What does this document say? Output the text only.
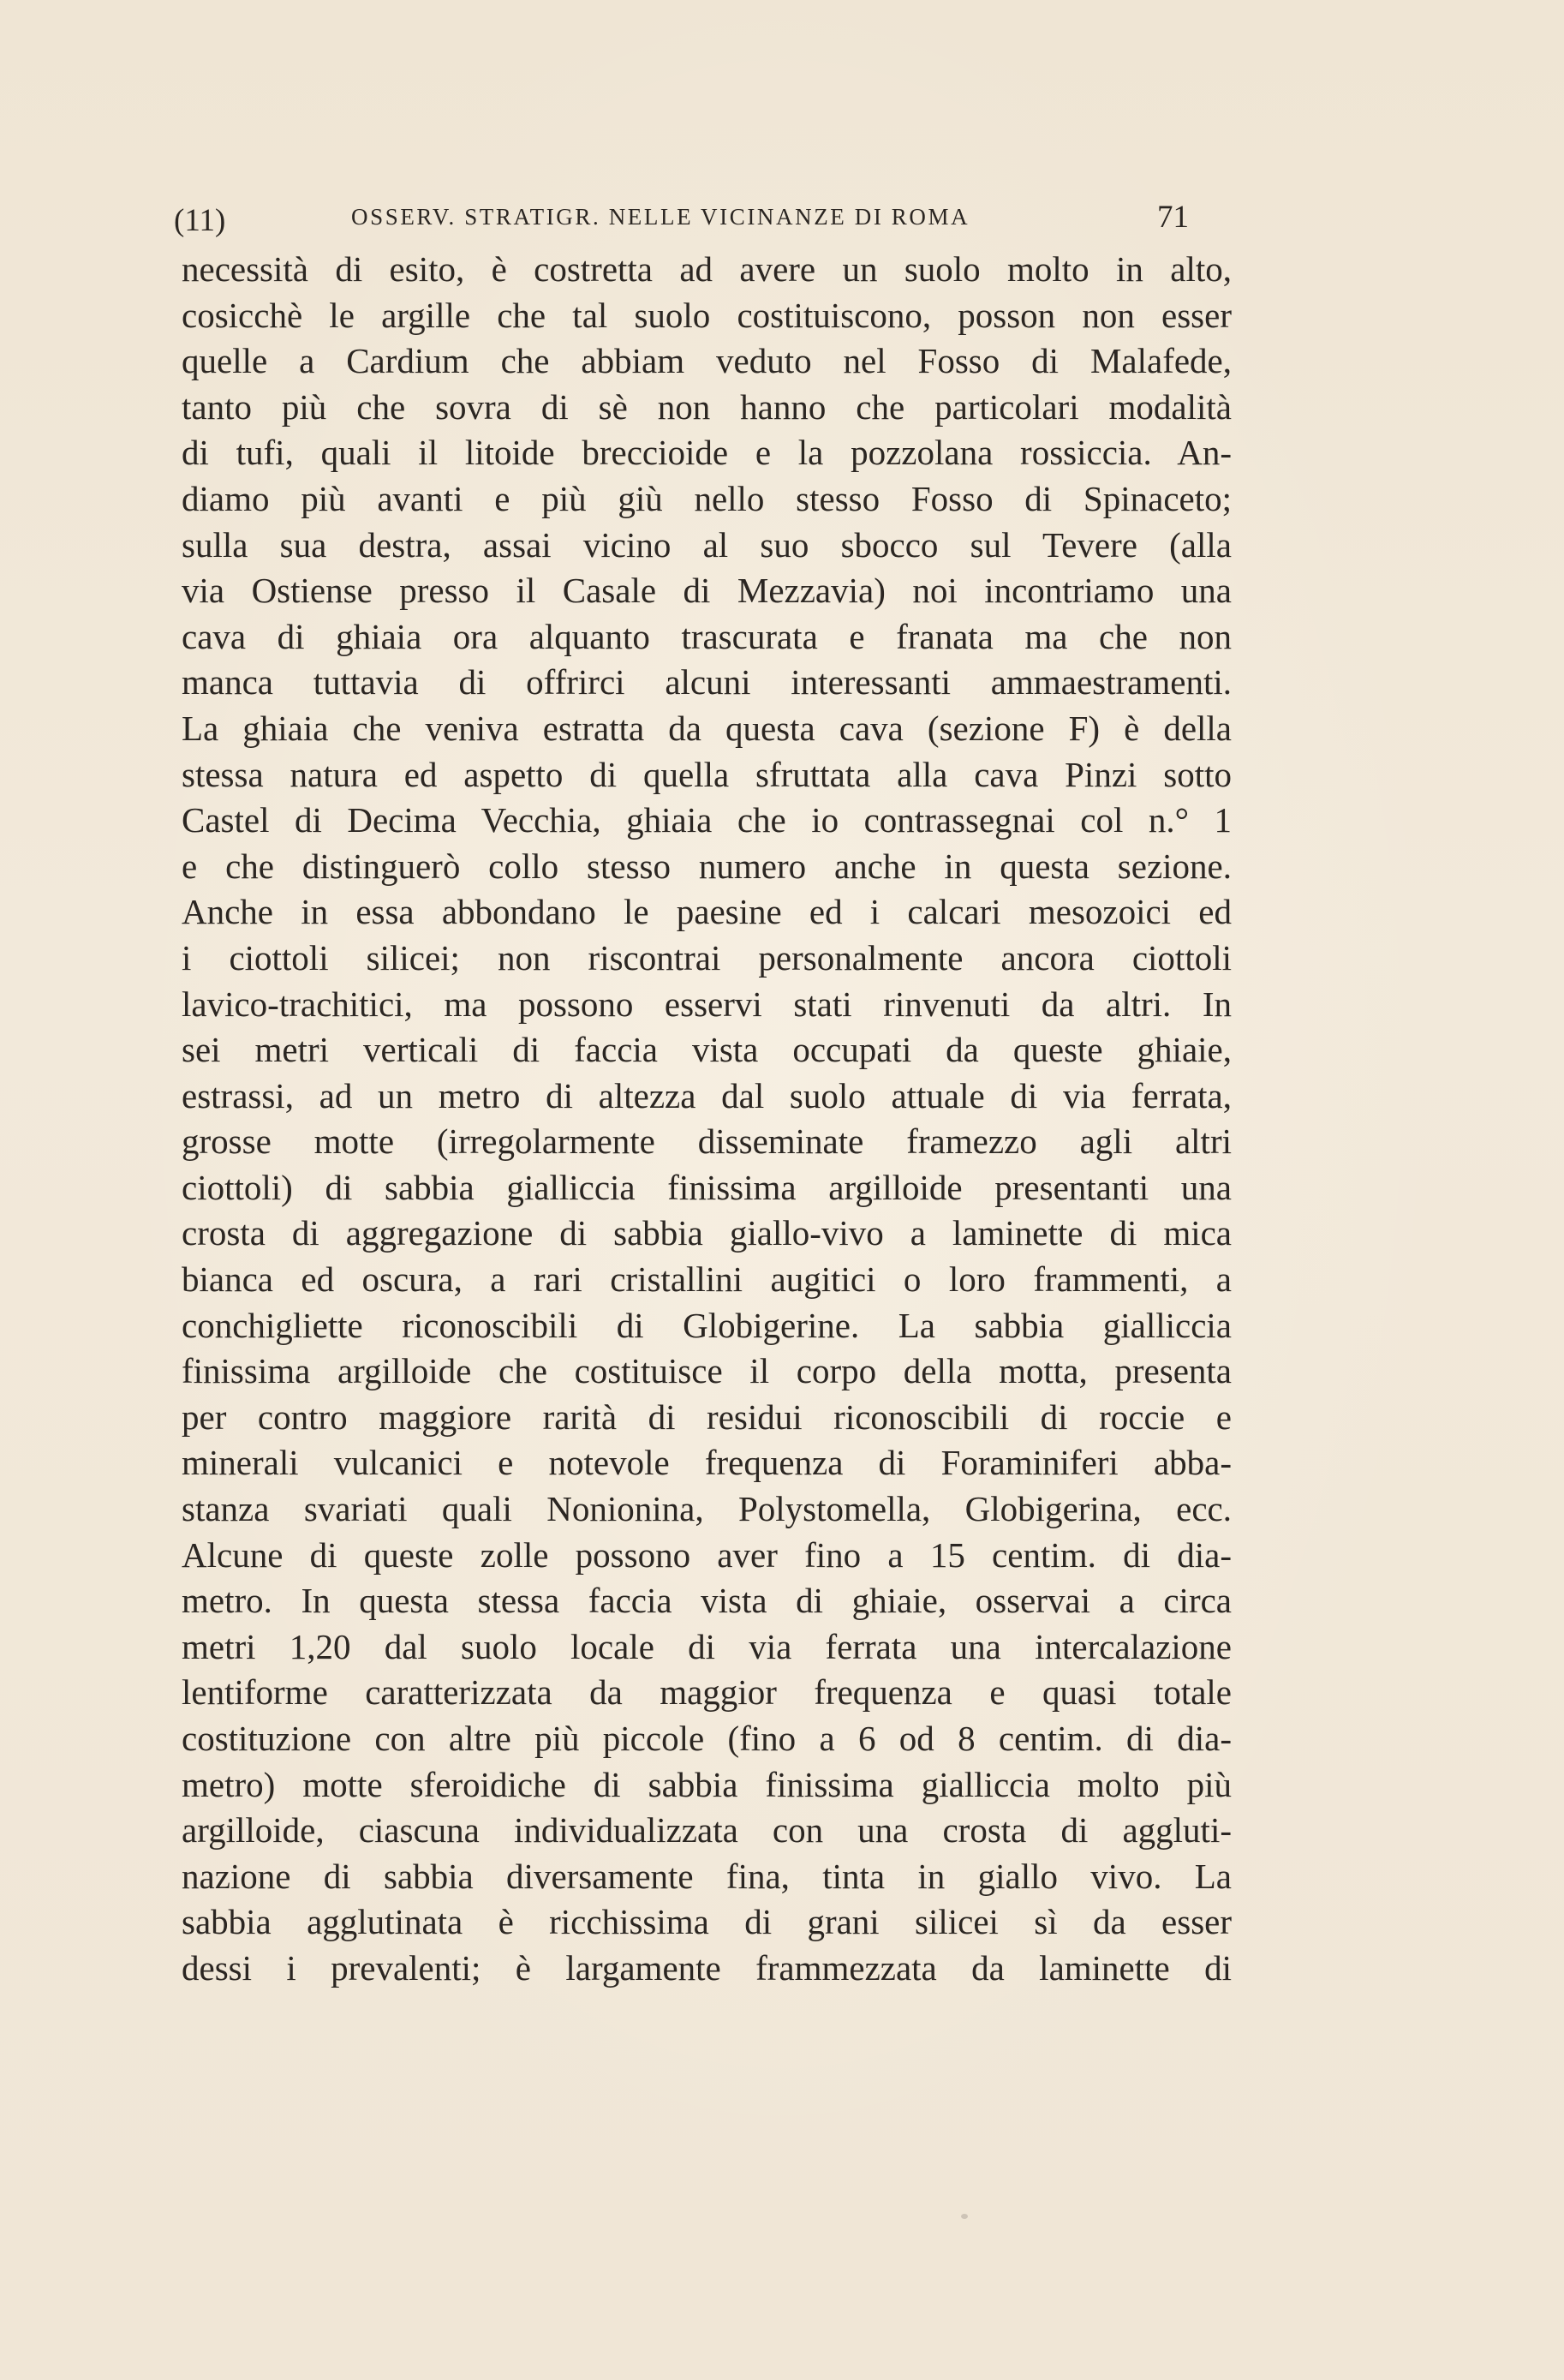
(11)	OSSERV. STRATIGR. NELLE VICINANZE DI ROMA	71
necessità di esito, è costretta ad avere un suolo molto in alto,
cosicchè le argille che tal suolo costituiscono, posson non esser
quelle a Cardium che abbiam veduto nel Fosso di Malafede,
tanto più che sovra di sè non hanno che particolari modalità
di tufi, quali il litoide breccioide e la pozzolana rossiccia. An-
diamo più avanti e più giù nello stesso Fosso di Spinaceto;
sulla sua destra, assai vicino al suo sbocco sul Tevere (alla
via Ostiense presso il Casale di Mezzavia) noi incontriamo una
cava di ghiaia ora alquanto trascurata e franata ma che non
manca tuttavia di offrirci alcuni interessanti ammaestramenti.
La ghiaia che veniva estratta da questa cava (sezione F) è della
stessa natura ed aspetto di quella sfruttata alla cava Pinzi sotto
Castel di Decima Vecchia, ghiaia che io contrassegnai col n.° 1
e che distinguerò collo stesso numero anche in questa sezione.
Anche in essa abbondano le paesine ed i calcari mesozoici ed
i ciottoli silicei; non riscontrai personalmente ancora ciottoli
lavico-trachitici, ma possono esservi stati rinvenuti da altri. In
sei metri verticali di faccia vista occupati da queste ghiaie,
estrassi, ad un metro di altezza dal suolo attuale di via ferrata,
grosse motte (irregolarmente disseminate framezzo agli altri
ciottoli) di sabbia gialliccia finissima argilloide presentanti una
crosta di aggregazione di sabbia giallo-vivo a laminette di mica
bianca ed oscura, a rari cristallini augitici o loro frammenti, a
conchigliette riconoscibili di Globigerine. La sabbia gialliccia
finissima argilloide che costituisce il corpo della motta, presenta
per contro maggiore rarità di residui riconoscibili di roccie e
minerali vulcanici e notevole frequenza di Foraminiferi abba-
stanza svariati quali Nonionina, Polystomella, Globigerina, ecc.
Alcune di queste zolle possono aver fino a 15 centim. di dia-
metro. In questa stessa faccia vista di ghiaie, osservai a circa
metri 1,20 dal suolo locale di via ferrata una intercalazione
lentiforme caratterizzata da maggior frequenza e quasi totale
costituzione con altre più piccole (fino a 6 od 8 centim. di dia-
metro) motte sferoidiche di sabbia finissima gialliccia molto più
argilloide, ciascuna individualizzata con una crosta di aggluti-
nazione di sabbia diversamente fina, tinta in giallo vivo. La
sabbia agglutinata è ricchissima di grani silicei sì da esser
dessi i prevalenti; è largamente frammezzata da laminette di
